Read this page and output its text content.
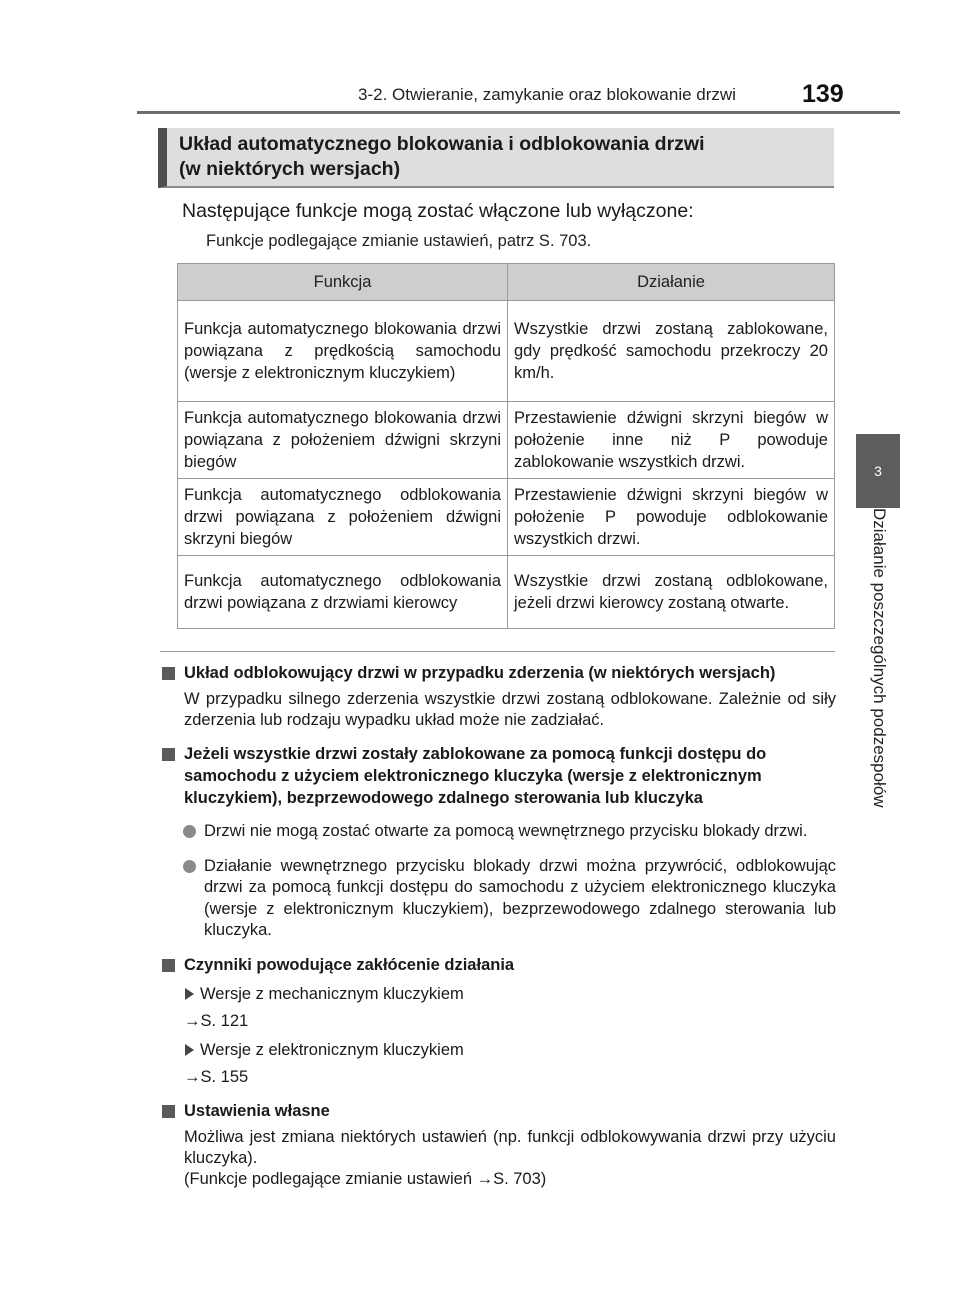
3-2. Otwieranie, zamykanie oraz blokowanie drzwi	139
3
Działanie poszczególnych podzespołów
Układ automatycznego blokowania i odblokowania drzwi
(w niektórych wersjach)
Następujące funkcje mogą zostać włączone lub wyłączone:
Funkcje podlegające zmianie ustawień, patrz S. 703.
Funkcja	Działanie
Funkcja automatycznego blokowania drzwi powiązana z prędkością samochodu (wersje z elektronicznym kluczykiem)	Wszystkie drzwi zostaną zablokowane, gdy prędkość samochodu przekroczy 20 km/h.
Funkcja automatycznego blokowania drzwi powiązana z położeniem dźwigni skrzyni biegów	Przestawienie dźwigni skrzyni biegów w położenie inne niż P powoduje zablokowanie wszystkich drzwi.
Funkcja automatycznego odblokowania drzwi powiązana z położeniem dźwigni skrzyni biegów	Przestawienie dźwigni skrzyni biegów w położenie P powoduje odblokowanie wszystkich drzwi.
Funkcja automatycznego odblokowania drzwi powiązana z drzwiami kierowcy	Wszystkie drzwi zostaną odblokowane, jeżeli drzwi kierowcy zostaną otwarte.
Układ odblokowujący drzwi w przypadku zderzenia (w niektórych wersjach)
W przypadku silnego zderzenia wszystkie drzwi zostaną odblokowane. Zależnie od siły zderzenia lub rodzaju wypadku układ może nie zadziałać.
Jeżeli wszystkie drzwi zostały zablokowane za pomocą funkcji dostępu do samochodu z użyciem elektronicznego kluczyka (wersje z elektronicznym kluczykiem), bezprzewodowego zdalnego sterowania lub kluczyka
Drzwi nie mogą zostać otwarte za pomocą wewnętrznego przycisku blokady drzwi.
Działanie wewnętrznego przycisku blokady drzwi można przywrócić, odblokowując drzwi za pomocą funkcji dostępu do samochodu z użyciem elektronicznego kluczyka (wersje z elektronicznym kluczykiem), bezprzewodowego zdalnego sterowania lub kluczyka.
Czynniki powodujące zakłócenie działania
Wersje z mechanicznym kluczykiem
→S. 121
Wersje z elektronicznym kluczykiem
→S. 155
Ustawienia własne
Możliwa jest zmiana niektórych ustawień (np. funkcji odblokowywania drzwi przy użyciu kluczyka).
(Funkcje podlegające zmianie ustawień →S. 703)
